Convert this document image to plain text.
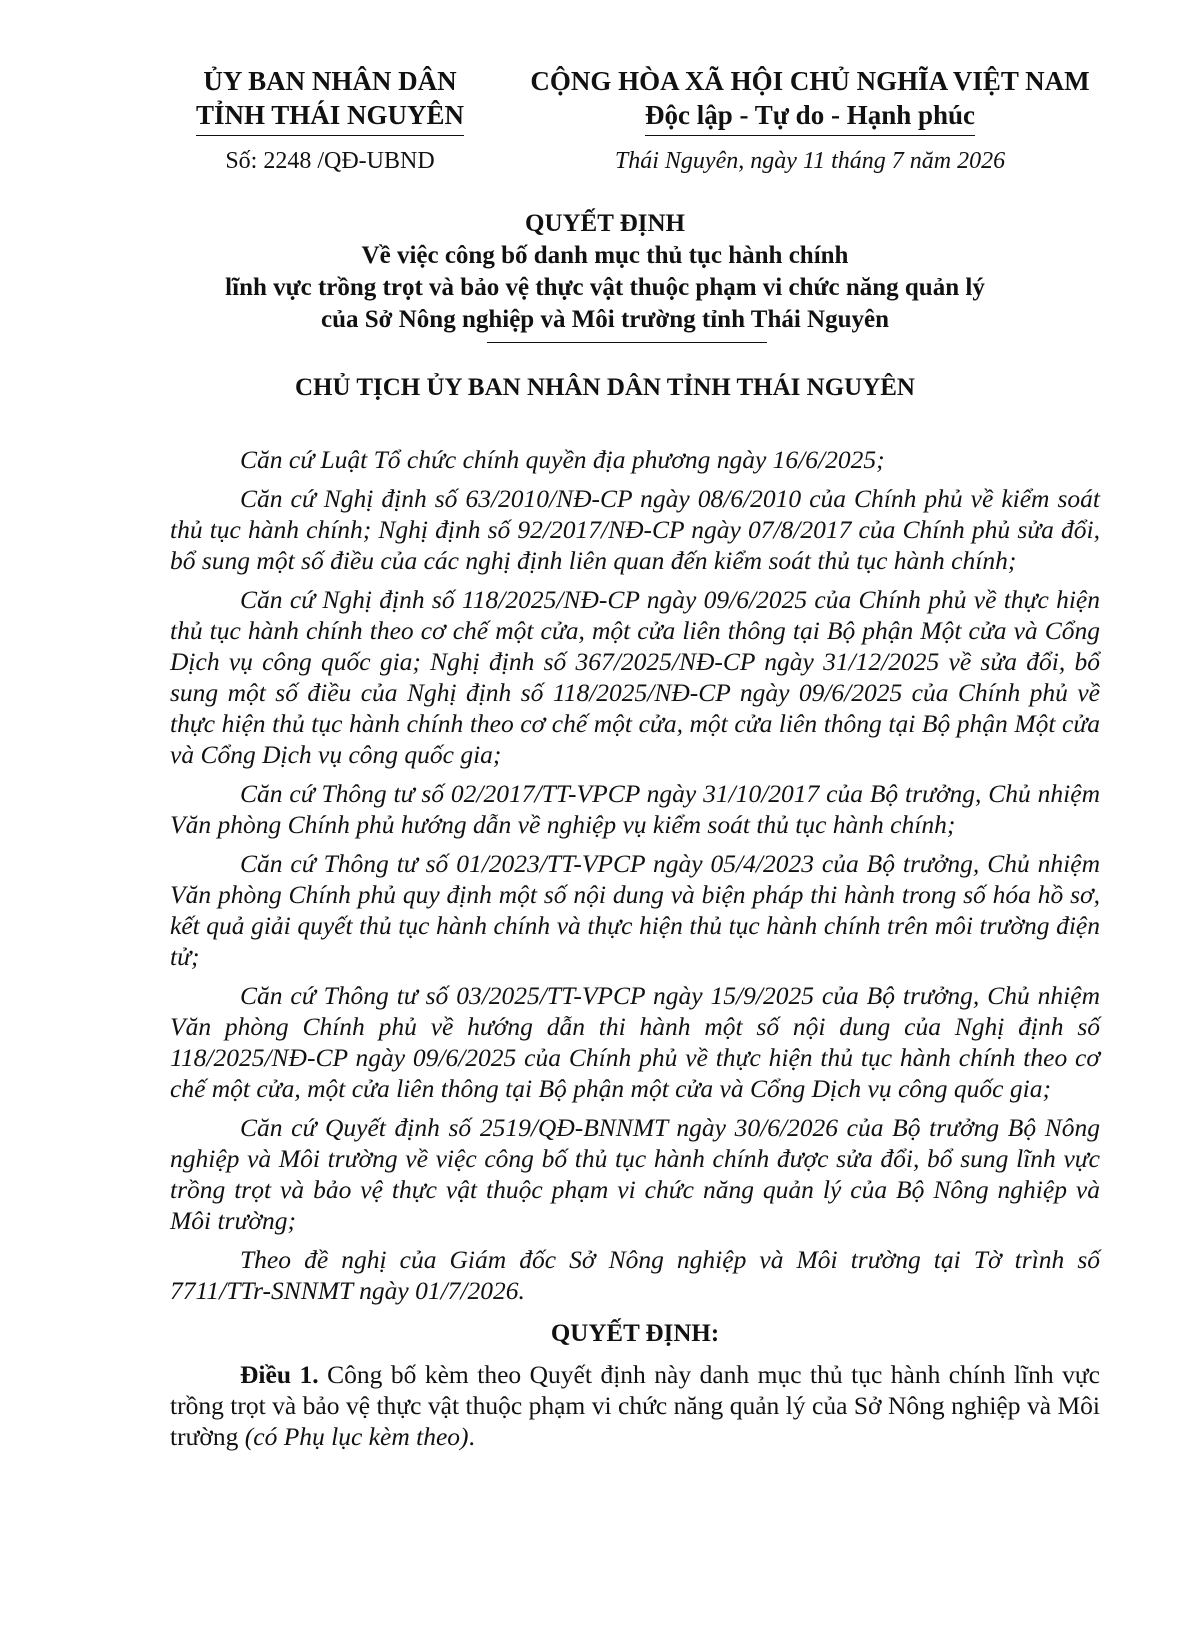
ỦY BAN NHÂN DÂN
TỈNH THÁI NGUYÊN
CỘNG HÒA XÃ HỘI CHỦ NGHĨA VIỆT NAM
Độc lập - Tự do - Hạnh phúc
Số: 2248 /QĐ-UBND	Thái Nguyên, ngày 11 tháng 7 năm 2026
QUYẾT ĐỊNH
Về việc công bố danh mục thủ tục hành chính
lĩnh vực trồng trọt và bảo vệ thực vật thuộc phạm vi chức năng quản lý
của Sở Nông nghiệp và Môi trường tỉnh Thái Nguyên
CHỦ TỊCH ỦY BAN NHÂN DÂN TỈNH THÁI NGUYÊN

Căn cứ Luật Tổ chức chính quyền địa phương ngày 16/6/2025;

Căn cứ Nghị định số 63/2010/NĐ-CP ngày 08/6/2010 của Chính phủ về kiểm soát thủ tục hành chính; Nghị định số 92/2017/NĐ-CP ngày 07/8/2017 của Chính phủ sửa đổi, bổ sung một số điều của các nghị định liên quan đến kiểm soát thủ tục hành chính;

Căn cứ Nghị định số 118/2025/NĐ-CP ngày 09/6/2025 của Chính phủ về thực hiện thủ tục hành chính theo cơ chế một cửa, một cửa liên thông tại Bộ phận Một cửa và Cổng Dịch vụ công quốc gia; Nghị định số 367/2025/NĐ-CP ngày 31/12/2025 về sửa đổi, bổ sung một số điều của Nghị định số 118/2025/NĐ-CP ngày 09/6/2025 của Chính phủ về thực hiện thủ tục hành chính theo cơ chế một cửa, một cửa liên thông tại Bộ phận Một cửa và Cổng Dịch vụ công quốc gia;

Căn cứ Thông tư số 02/2017/TT-VPCP ngày 31/10/2017 của Bộ trưởng, Chủ nhiệm Văn phòng Chính phủ hướng dẫn về nghiệp vụ kiểm soát thủ tục hành chính;

Căn cứ Thông tư số 01/2023/TT-VPCP ngày 05/4/2023 của Bộ trưởng, Chủ nhiệm Văn phòng Chính phủ quy định một số nội dung và biện pháp thi hành trong số hóa hồ sơ, kết quả giải quyết thủ tục hành chính và thực hiện thủ tục hành chính trên môi trường điện tử;

Căn cứ Thông tư số 03/2025/TT-VPCP ngày 15/9/2025 của Bộ trưởng, Chủ nhiệm Văn phòng Chính phủ về hướng dẫn thi hành một số nội dung của Nghị định số 118/2025/NĐ-CP ngày 09/6/2025 của Chính phủ về thực hiện thủ tục hành chính theo cơ chế một cửa, một cửa liên thông tại Bộ phận một cửa và Cổng Dịch vụ công quốc gia;

Căn cứ Quyết định số 2519/QĐ-BNNMT ngày 30/6/2026 của Bộ trưởng Bộ Nông nghiệp và Môi trường về việc công bố thủ tục hành chính được sửa đổi, bổ sung lĩnh vực trồng trọt và bảo vệ thực vật thuộc phạm vi chức năng quản lý của Bộ Nông nghiệp và Môi trường;

Theo đề nghị của Giám đốc Sở Nông nghiệp và Môi trường tại Tờ trình số 7711/TTr-SNNMT ngày 01/7/2026.

QUYẾT ĐỊNH:

Điều 1. Công bố kèm theo Quyết định này danh mục thủ tục hành chính lĩnh vực trồng trọt và bảo vệ thực vật thuộc phạm vi chức năng quản lý của Sở Nông nghiệp và Môi trường (có Phụ lục kèm theo).
